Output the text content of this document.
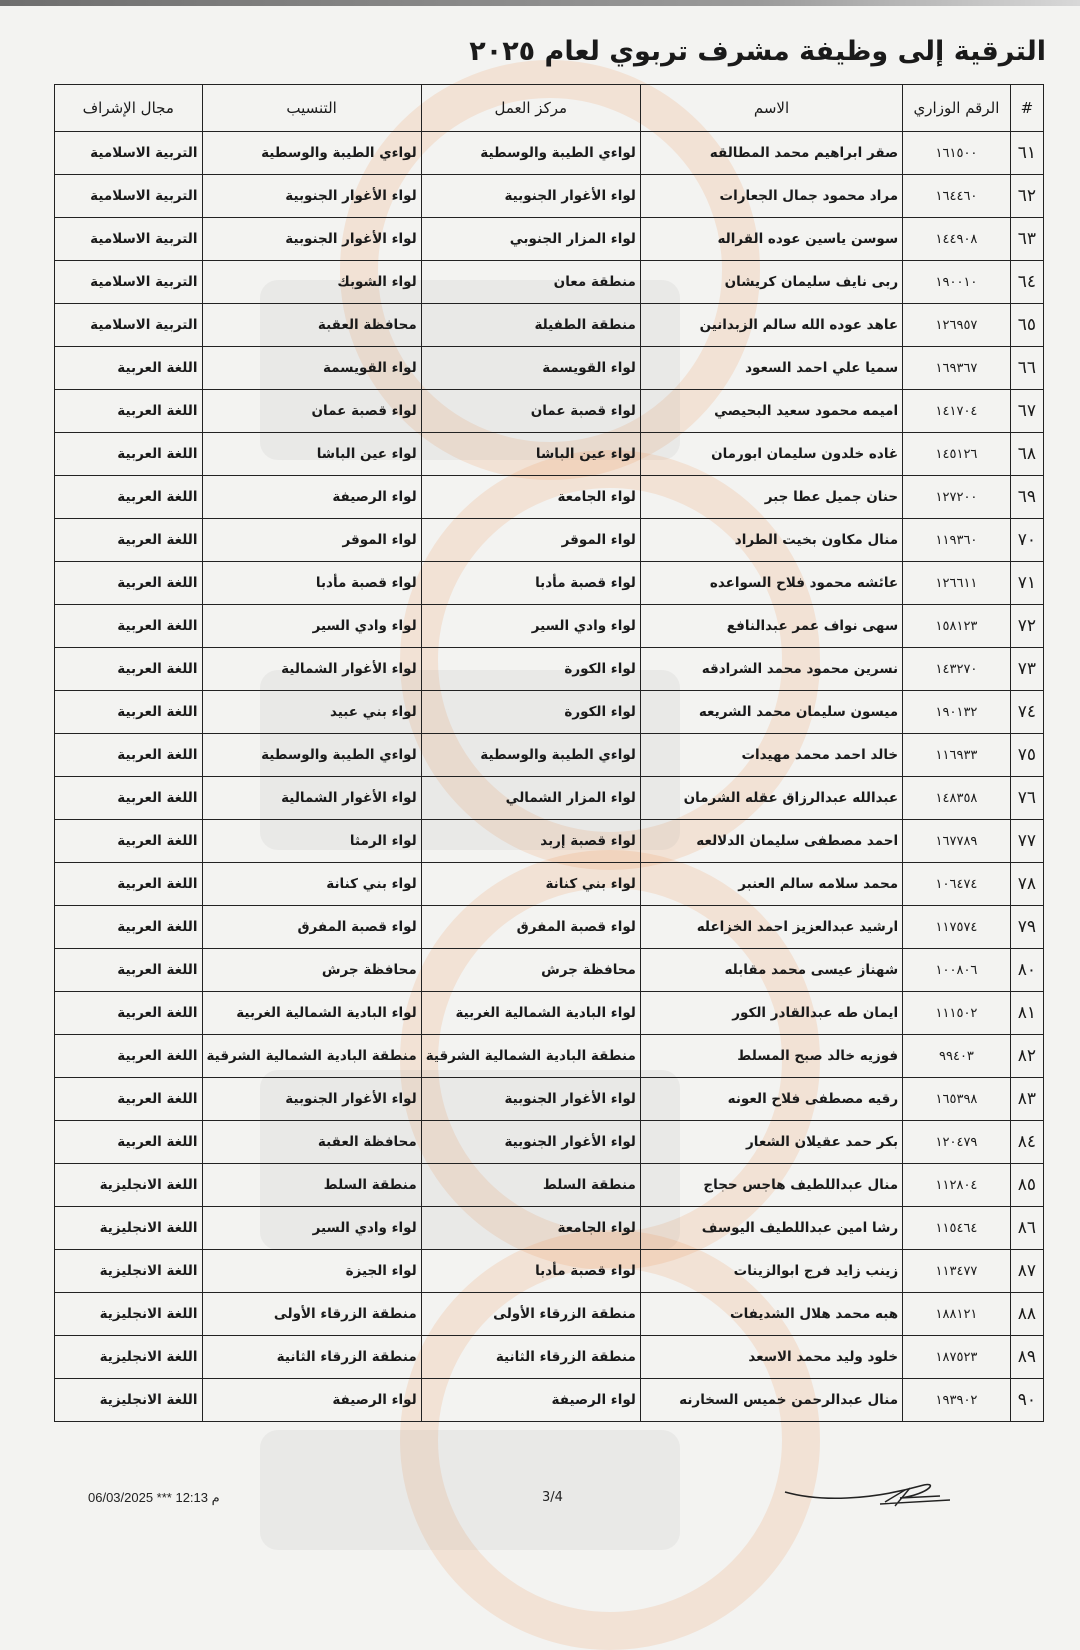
الترقية إلى وظيفة مشرف تربوي لعام ٢٠٢٥
#	الرقم الوزاري	الاسم	مركز العمل	التنسيب	مجال الإشراف
٦١	١٦١٥٠٠	صقر ابراهيم محمد المطالقه	لواءي الطيبة والوسطية	لواءي الطيبة والوسطية	التربية الاسلامية
٦٢	١٦٤٤٦٠	مراد محمود جمال الجعارات	لواء الأغوار الجنوبية	لواء الأغوار الجنوبية	التربية الاسلامية
٦٣	١٤٤٩٠٨	سوسن ياسين عوده القراله	لواء المزار الجنوبي	لواء الأغوار الجنوبية	التربية الاسلامية
٦٤	١٩٠٠١٠	ربى نايف سليمان كريشان	منطقة معان	لواء الشوبك	التربية الاسلامية
٦٥	١٢٦٩٥٧	عاهد عوده الله سالم الزبدانين	منطقة الطفيلة	محافظة العقبة	التربية الاسلامية
٦٦	١٦٩٣٦٧	سميا علي احمد السعود	لواء القويسمة	لواء القويسمة	اللغة العربية
٦٧	١٤١٧٠٤	اميمه محمود سعيد البحيصي	لواء قصبة عمان	لواء قصبة عمان	اللغة العربية
٦٨	١٤٥١٢٦	غاده خلدون سليمان ابورمان	لواء عين الباشا	لواء عين الباشا	اللغة العربية
٦٩	١٢٧٢٠٠	حنان جميل عطا جبر	لواء الجامعة	لواء الرصيفة	اللغة العربية
٧٠	١١٩٣٦٠	منال مكاون بخيت الطراد	لواء الموقر	لواء الموقر	اللغة العربية
٧١	١٢٦٦١١	عائشه محمود فلاح السواعده	لواء قصبة مأدبا	لواء قصبة مأدبا	اللغة العربية
٧٢	١٥٨١٢٣	سهى نواف عمر عبدالنافع	لواء وادي السير	لواء وادي السير	اللغة العربية
٧٣	١٤٣٢٧٠	نسرين محمود محمد الشرادقه	لواء الكورة	لواء الأغوار الشمالية	اللغة العربية
٧٤	١٩٠١٣٢	ميسون سليمان محمد الشريعه	لواء الكورة	لواء بني عبيد	اللغة العربية
٧٥	١١٦٩٣٣	خالد احمد محمد مهيدات	لواءي الطيبة والوسطية	لواءي الطيبة والوسطية	اللغة العربية
٧٦	١٤٨٣٥٨	عبدالله عبدالرزاق عقله الشرمان	لواء المزار الشمالي	لواء الأغوار الشمالية	اللغة العربية
٧٧	١٦٧٧٨٩	احمد مصطفى سليمان الدلالعه	لواء قصبة إربد	لواء الرمثا	اللغة العربية
٧٨	١٠٦٤٧٤	محمد سلامه سالم العنبر	لواء بني كنانة	لواء بني كنانة	اللغة العربية
٧٩	١١٧٥٧٤	ارشيد عبدالعزيز احمد الخزاعله	لواء قصبة المفرق	لواء قصبة المفرق	اللغة العربية
٨٠	١٠٠٨٠٦	شهناز عيسى محمد مقابله	محافظة جرش	محافظة جرش	اللغة العربية
٨١	١١١٥٠٢	ايمان طه عبدالقادر الكور	لواء البادية الشمالية الغربية	لواء البادية الشمالية الغربية	اللغة العربية
٨٢	٩٩٤٠٣	فوزيه خالد صبح المسلط	منطقة البادية الشمالية الشرقية	منطقة البادية الشمالية الشرقية	اللغة العربية
٨٣	١٦٥٣٩٨	رقيه مصطفى فلاح العونه	لواء الأغوار الجنوبية	لواء الأغوار الجنوبية	اللغة العربية
٨٤	١٢٠٤٧٩	بكر حمد عقيلان الشعار	لواء الأغوار الجنوبية	محافظة العقبة	اللغة العربية
٨٥	١١٢٨٠٤	منال عبداللطيف هاجس حجاج	منطقة السلط	منطقة السلط	اللغة الانجليزية
٨٦	١١٥٤٦٤	رشا امين عبداللطيف اليوسف	لواء الجامعة	لواء وادي السير	اللغة الانجليزية
٨٧	١١٣٤٧٧	زينب زايد فرج ابوالزينات	لواء قصبة مأدبا	لواء الجيزة	اللغة الانجليزية
٨٨	١٨٨١٢١	هبه محمد هلال الشديفات	منطقة الزرقاء الأولى	منطقة الزرقاء الأولى	اللغة الانجليزية
٨٩	١٨٧٥٢٣	خلود وليد محمد الاسعد	منطقة الزرقاء الثانية	منطقة الزرقاء الثانية	اللغة الانجليزية
٩٠	١٩٣٩٠٢	منال عبدالرحمن خميس السخارنه	لواء الرصيفة	لواء الرصيفة	اللغة الانجليزية
06/03/2025 *** 12:13 م	3/4
